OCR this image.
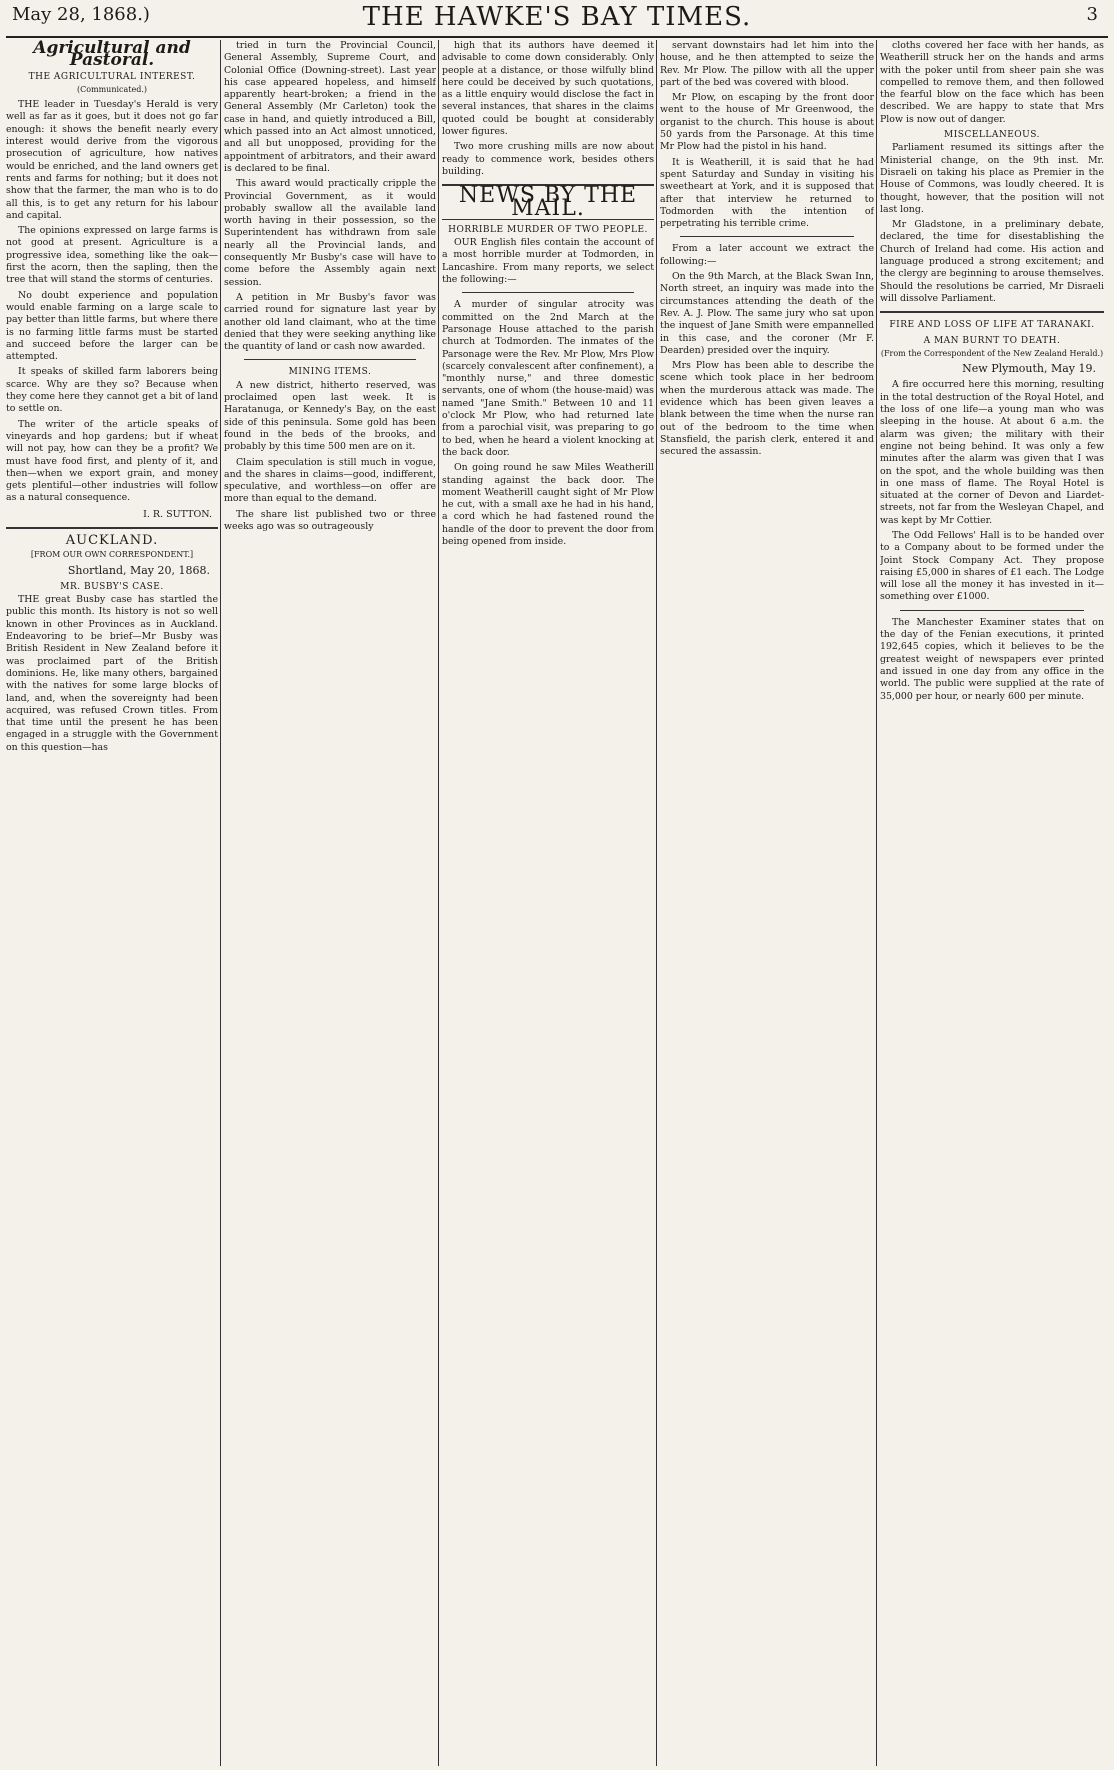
May 28, 1868.)	THE HAWKE'S BAY TIMES.	3
Agricultural and Pastoral.
THE AGRICULTURAL INTEREST.
(Communicated.)

THE leader in Tuesday's Herald is very well as far as it goes, but it does not go far enough: it shows the benefit nearly every interest would derive from the vigorous prosecution of agriculture, how natives would be enriched, and the land owners get rents and farms for nothing; but it does not show that the farmer, the man who is to do all this, is to get any return for his labour and capital.

The opinions expressed on large farms is not good at present. Agriculture is a progressive idea, something like the oak—first the acorn, then the sapling, then the tree that will stand the storms of centuries.

No doubt experience and population would enable farming on a large scale to pay better than little farms, but where there is no farming little farms must be started and succeed before the larger can be attempted.

It speaks of skilled farm laborers being scarce. Why are they so? Because when they come here they cannot get a bit of land to settle on.

The writer of the article speaks of vineyards and hop gardens; but if wheat will not pay, how can they be a profit? We must have food first, and plenty of it, and then—when we export grain, and money gets plentiful—other industries will follow as a natural consequence.

I. R. SUTTON.
AUCKLAND.
[FROM OUR OWN CORRESPONDENT.]
Shortland, May 20, 1868.
MR. BUSBY'S CASE.

THE great Busby case has startled the public this month. Its history is not so well known in other Provinces as in Auckland. Endeavoring to be brief—Mr Busby was British Resident in New Zealand before it was proclaimed part of the British dominions. He, like many others, bargained with the natives for some large blocks of land, and, when the sovereignty had been acquired, was refused Crown titles. From that time until the present he has been engaged in a struggle with the Government on this question—has

tried in turn the Provincial Council, General Assembly, Supreme Court, and Colonial Office (Downing-street). Last year his case appeared hopeless, and himself apparently heart-broken; a friend in the General Assembly (Mr Carleton) took the case in hand, and quietly introduced a Bill, which passed into an Act almost unnoticed, and all but unopposed, providing for the appointment of arbitrators, and their award is declared to be final.

This award would practically cripple the Provincial Government, as it would probably swallow all the available land worth having in their possession, so the Superintendent has withdrawn from sale nearly all the Provincial lands, and consequently Mr Busby's case will have to come before the Assembly again next session.

A petition in Mr Busby's favor was carried round for signature last year by another old land claimant, who at the time denied that they were seeking anything like the quantity of land or cash now awarded.

MINING ITEMS.

A new district, hitherto reserved, was proclaimed open last week. It is Haratanuga, or Kennedy's Bay, on the east side of this peninsula. Some gold has been found in the beds of the brooks, and probably by this time 500 men are on it.

Claim speculation is still much in vogue, and the shares in claims—good, indifferent, speculative, and worthless—on offer are more than equal to the demand.

The share list published two or three weeks ago was so outrageously

high that its authors have deemed it advisable to come down considerably. Only people at a distance, or those wilfully blind here could be deceived by such quotations, as a little enquiry would disclose the fact in several instances, that shares in the claims quoted could be bought at considerably lower figures.

Two more crushing mills are now about ready to commence work, besides others building.

NEWS BY THE MAIL.
HORRIBLE MURDER OF TWO PEOPLE.

OUR English files contain the account of a most horrible murder at Todmorden, in Lancashire. From many reports, we select the following:—

A murder of singular atrocity was committed on the 2nd March at the Parsonage House attached to the parish church at Todmorden. The inmates of the Parsonage were the Rev. Mr Plow, Mrs Plow (scarcely convalescent after confinement), a "monthly nurse," and three domestic servants, one of whom (the house-maid) was named "Jane Smith." Between 10 and 11 o'clock Mr Plow, who had returned late from a parochial visit, was preparing to go to bed, when he heard a violent knocking at the back door.

On going round he saw Miles Weatherill standing against the back door. The moment Weatherill caught sight of Mr Plow he cut, with a small axe he had in his hand, a cord which he had fastened round the handle of the door to prevent the door from being opened from inside.

servant downstairs had let him into the house, and he then attempted to seize the Rev. Mr Plow. The pillow with all the upper part of the bed was covered with blood.

Mr Plow, on escaping by the front door went to the house of Mr Greenwood, the organist to the church. This house is about 50 yards from the Parsonage. At this time Mr Plow had the pistol in his hand.

It is Weatherill, it is said that he had spent Saturday and Sunday in visiting his sweetheart at York, and it is supposed that after that interview he returned to Todmorden with the intention of perpetrating his terrible crime.

From a later account we extract the following:—

On the 9th March, at the Black Swan Inn, North street, an inquiry was made into the circumstances attending the death of the Rev. A. J. Plow. The same jury who sat upon the inquest of Jane Smith were empannelled in this case, and the coroner (Mr F. Dearden) presided over the inquiry.

Mrs Plow has been able to describe the scene which took place in her bedroom when the murderous attack was made. The evidence which has been given leaves a blank between the time when the nurse ran out of the bedroom to the time when Stansfield, the parish clerk, entered it and secured the assassin.

cloths covered her face with her hands, as Weatherill struck her on the hands and arms with the poker until from sheer pain she was compelled to remove them, and then followed the fearful blow on the face which has been described. We are happy to state that Mrs Plow is now out of danger.

MISCELLANEOUS.

Parliament resumed its sittings after the Ministerial change, on the 9th inst. Mr. Disraeli on taking his place as Premier in the House of Commons, was loudly cheered. It is thought, however, that the position will not last long.

Mr Gladstone, in a preliminary debate, declared, the time for disestablishing the Church of Ireland had come. His action and language produced a strong excitement; and the clergy are beginning to arouse themselves. Should the resolutions be carried, Mr Disraeli will dissolve Parliament.

FIRE AND LOSS OF LIFE AT TARANAKI.
A MAN BURNT TO DEATH.
(From the Correspondent of the New Zealand Herald.)
New Plymouth, May 19.

A fire occurred here this morning, resulting in the total destruction of the Royal Hotel, and the loss of one life—a young man who was sleeping in the house. At about 6 a.m. the alarm was given; the military with their engine not being behind. It was only a few minutes after the alarm was given that I was on the spot, and the whole building was then in one mass of flame. The Royal Hotel is situated at the corner of Devon and Liardet-streets, not far from the Wesleyan Chapel, and was kept by Mr Cottier.

The Odd Fellows' Hall is to be handed over to a Company about to be formed under the Joint Stock Company Act. They propose raising £5,000 in shares of £1 each. The Lodge will lose all the money it has invested in it—something over £1000.

The Manchester Examiner states that on the day of the Fenian executions, it printed 192,645 copies, which it believes to be the greatest weight of newspapers ever printed and issued in one day from any office in the world. The public were supplied at the rate of 35,000 per hour, or nearly 600 per minute.
